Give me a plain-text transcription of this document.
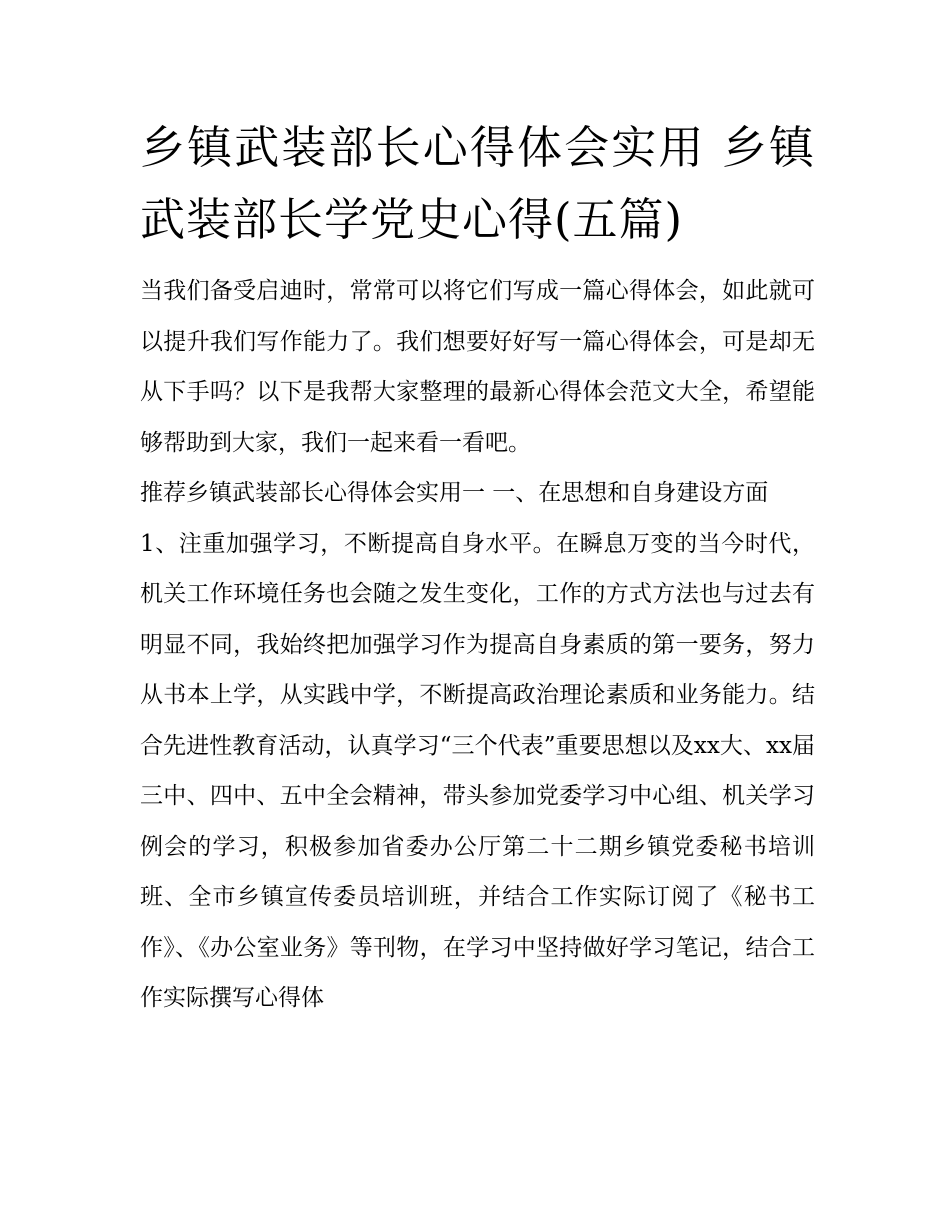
乡镇武装部长心得体会实用 乡镇武装部长学党史心得(五篇)

当我们备受启迪时，常常可以将它们写成一篇心得体会，如此就可以提升我们写作能力了。我们想要好好写一篇心得体会，可是却无从下手吗？以下是我帮大家整理的最新心得体会范文大全，希望能够帮助到大家，我们一起来看一看吧。

推荐乡镇武装部长心得体会实用一 一、在思想和自身建设方面

1、注重加强学习，不断提高自身水平。在瞬息万变的当今时代，机关工作环境任务也会随之发生变化，工作的方式方法也与过去有明显不同，我始终把加强学习作为提高自身素质的第一要务，努力从书本上学，从实践中学，不断提高政治理论素质和业务能力。结合先进性教育活动，认真学习“三个代表”重要思想以及xx大、xx届三中、四中、五中全会精神，带头参加党委学习中心组、机关学习例会的学习，积极参加省委办公厅第二十二期乡镇党委秘书培训班、全市乡镇宣传委员培训班，并结合工作实际订阅了《秘书工作》、《办公室业务》等刊物，在学习中坚持做好学习笔记，结合工作实际撰写心得体
